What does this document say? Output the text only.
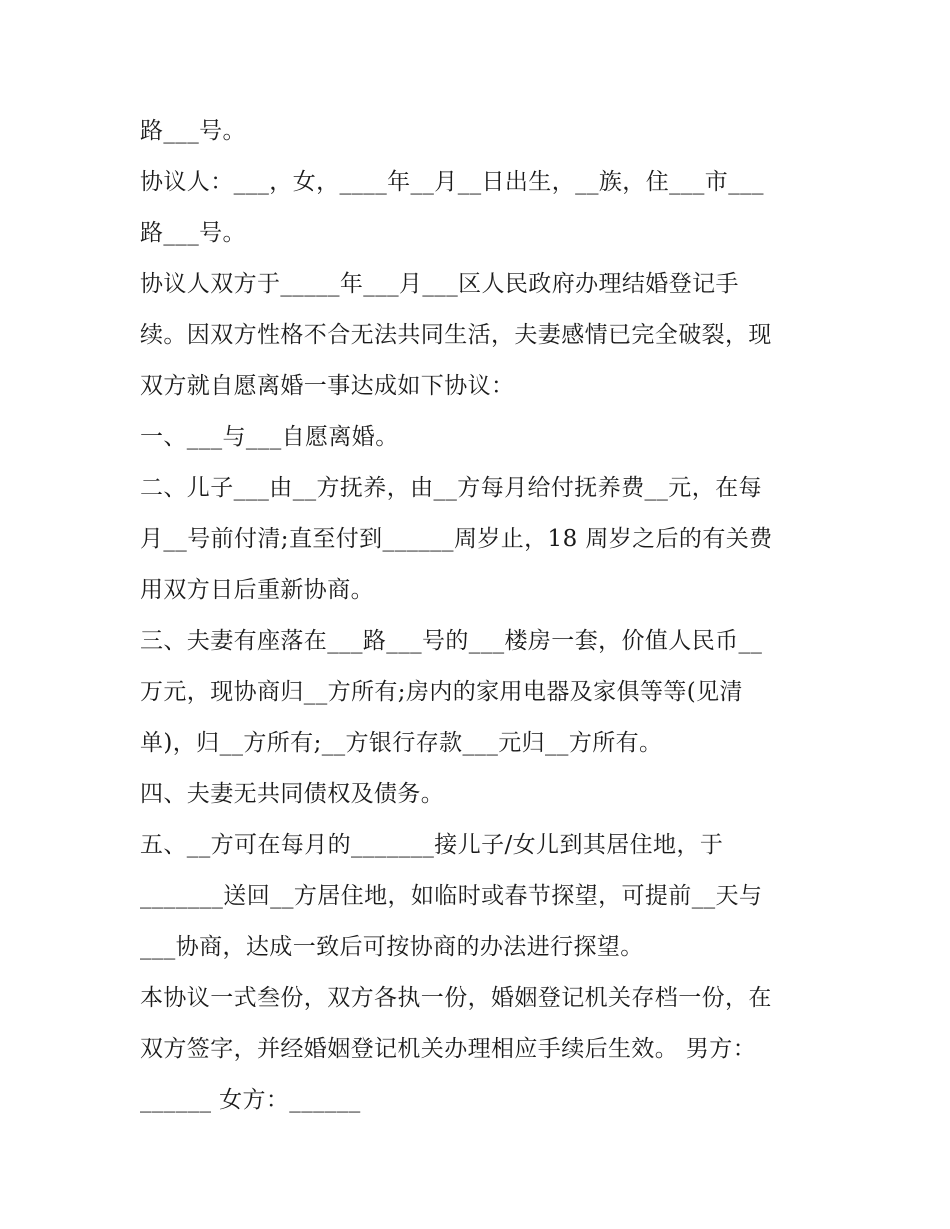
路___号。
协议人：___，女，____年__月__日出生，__族，住___市___
路___号。
协议人双方于_____年___月___区人民政府办理结婚登记手
续。因双方性格不合无法共同生活，夫妻感情已完全破裂，现
双方就自愿离婚一事达成如下协议：
一、___与___自愿离婚。
二、儿子___由__方抚养，由__方每月给付抚养费__元，在每
月__号前付清;直至付到______周岁止，18 周岁之后的有关费
用双方日后重新协商。
三、夫妻有座落在___路___号的___楼房一套，价值人民币__
万元，现协商归__方所有;房内的家用电器及家俱等等(见清
单)，归__方所有;__方银行存款___元归__方所有。
四、夫妻无共同债权及债务。
五、__方可在每月的_______接儿子/女儿到其居住地，于
_______送回__方居住地，如临时或春节探望，可提前__天与
___协商，达成一致后可按协商的办法进行探望。
本协议一式叁份，双方各执一份，婚姻登记机关存档一份，在
双方签字，并经婚姻登记机关办理相应手续后生效。 男方：
______ 女方：______
